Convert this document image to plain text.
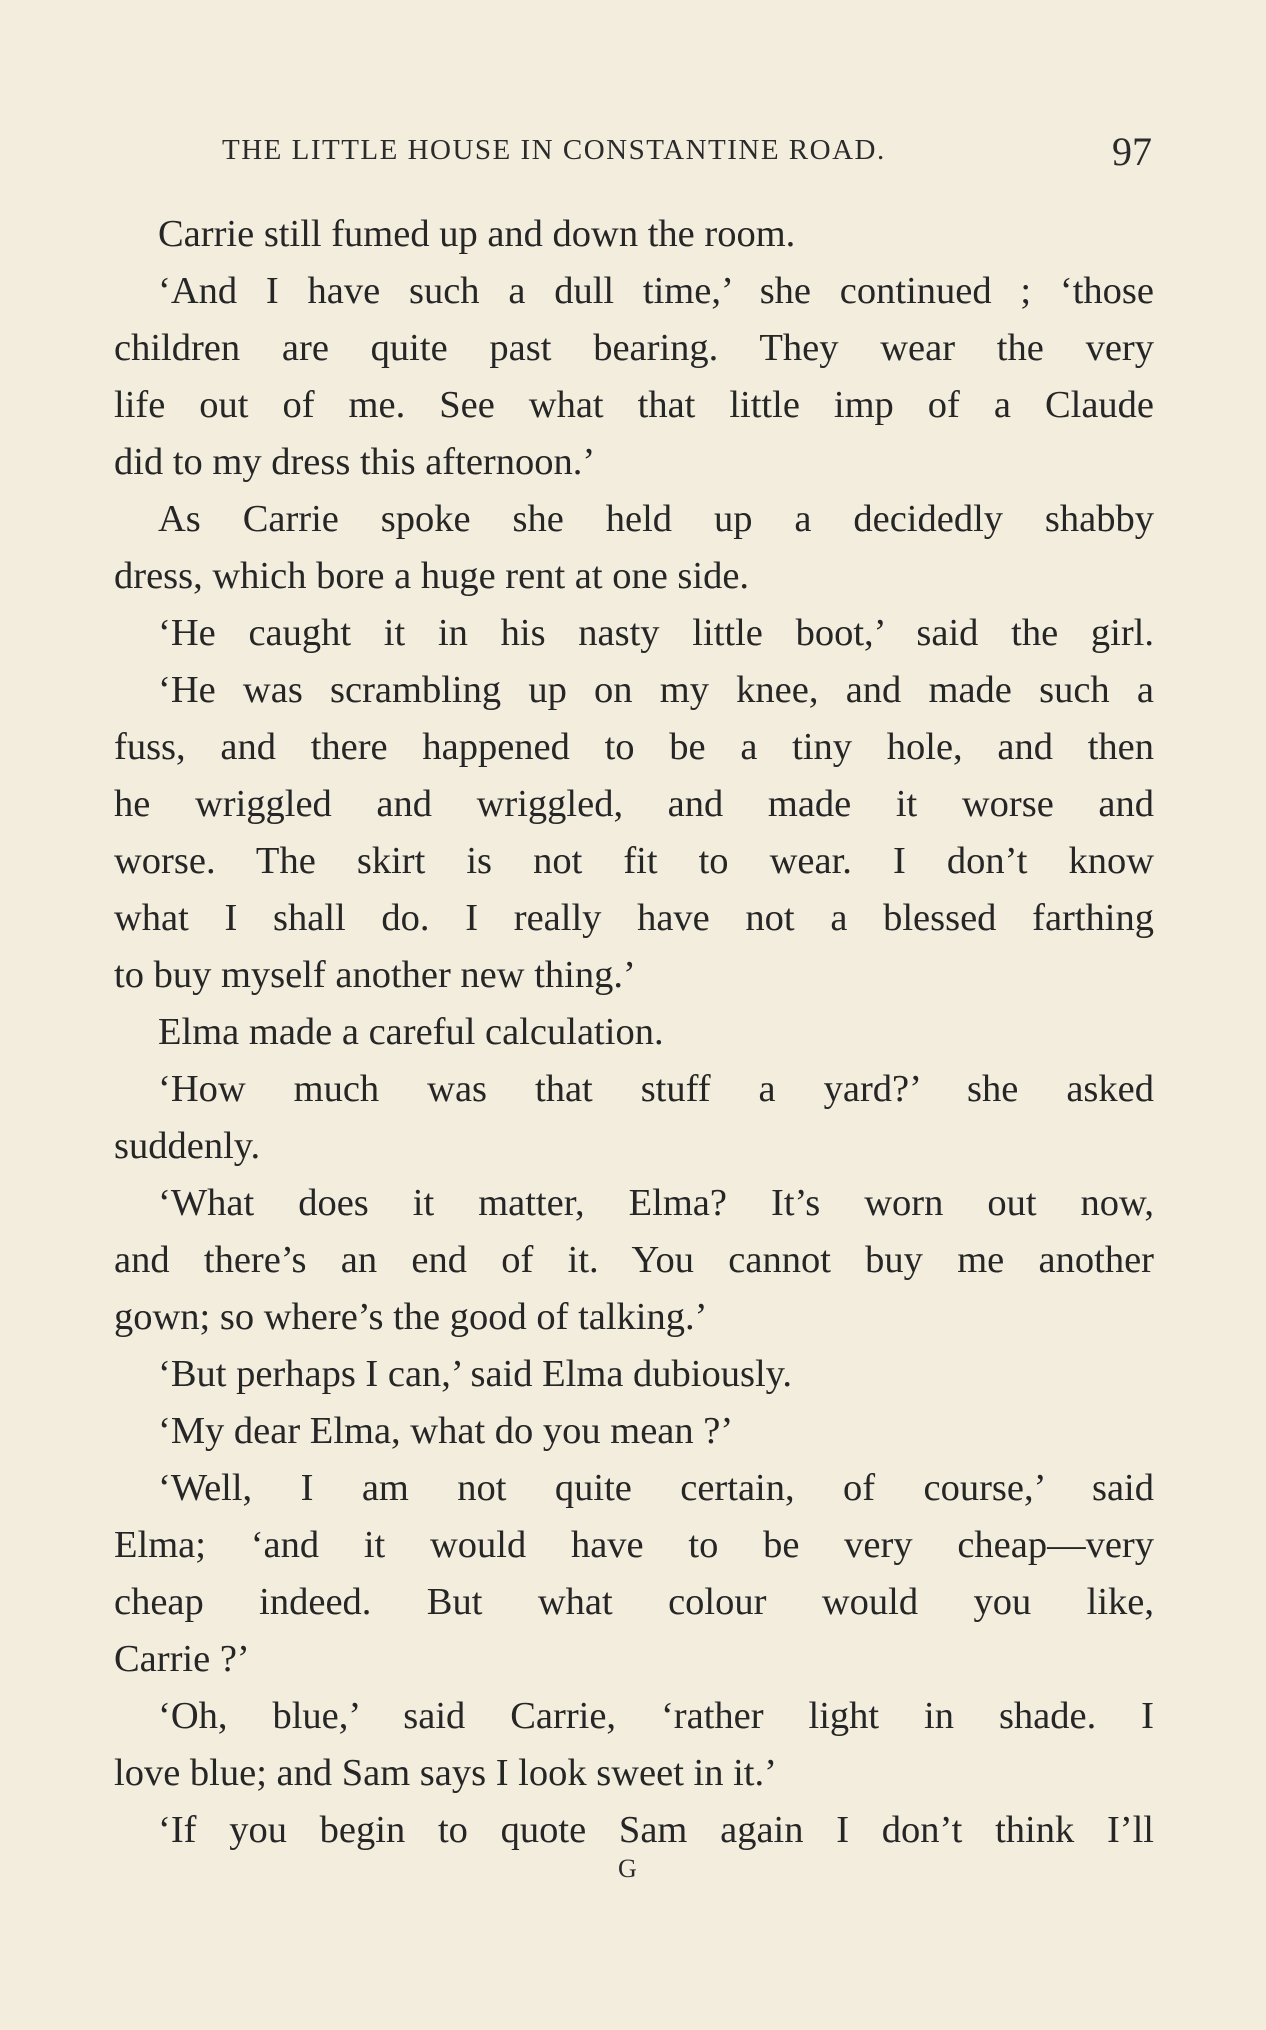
THE LITTLE HOUSE IN CONSTANTINE ROAD.	97
Carrie still fumed up and down the room.
‘And I have such a dull time,’ she continued ; ‘those
children are quite past bearing. They wear the very
life out of me. See what that little imp of a Claude
did to my dress this afternoon.’
As Carrie spoke she held up a decidedly shabby
dress, which bore a huge rent at one side.
‘He caught it in his nasty little boot,’ said the girl.
‘He was scrambling up on my knee, and made such a
fuss, and there happened to be a tiny hole, and then
he wriggled and wriggled, and made it worse and
worse. The skirt is not fit to wear. I don’t know
what I shall do. I really have not a blessed farthing
to buy myself another new thing.’
Elma made a careful calculation.
‘How much was that stuff a yard?’ she asked
suddenly.
‘What does it matter, Elma? It’s worn out now,
and there’s an end of it. You cannot buy me another
gown; so where’s the good of talking.’
‘But perhaps I can,’ said Elma dubiously.
‘My dear Elma, what do you mean ?’
‘Well, I am not quite certain, of course,’ said
Elma; ‘and it would have to be very cheap—very
cheap indeed. But what colour would you like,
Carrie ?’
‘Oh, blue,’ said Carrie, ‘rather light in shade. I
love blue; and Sam says I look sweet in it.’
‘If you begin to quote Sam again I don’t think I’ll
G
